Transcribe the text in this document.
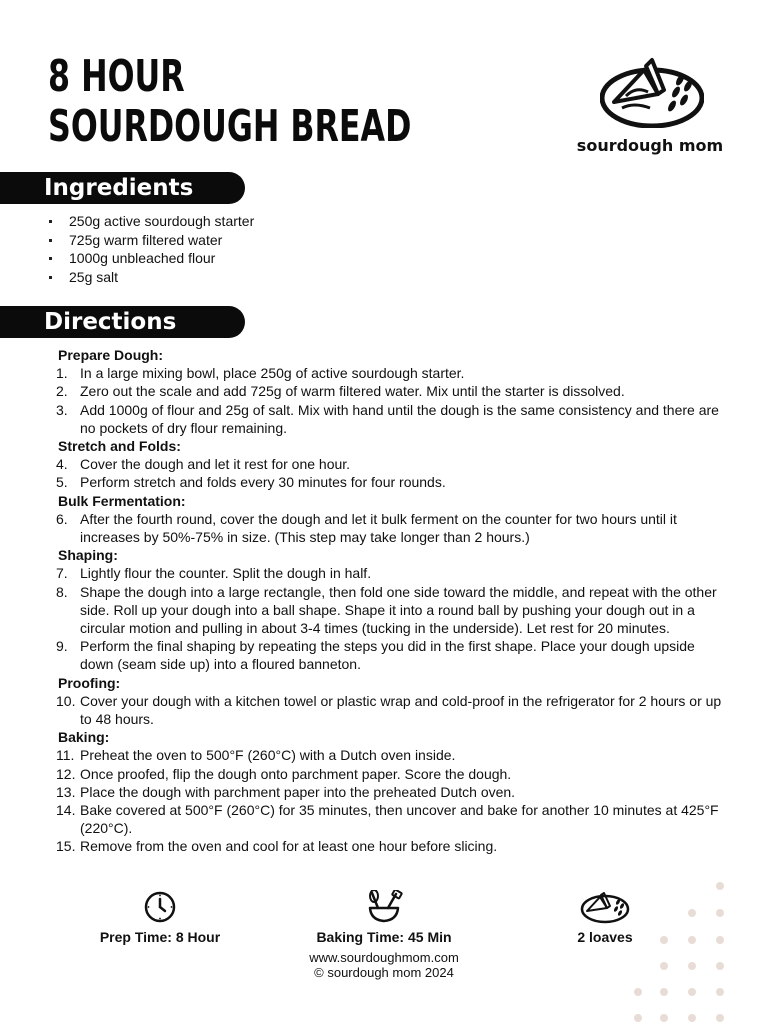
8 HOUR
SOURDOUGH BREAD	sourdough mom
Ingredients
250g active sourdough starter
725g warm filtered water
1000g unbleached flour
25g salt
Directions
Prepare Dough:
1. In a large mixing bowl, place 250g of active sourdough starter.
2. Zero out the scale and add 725g of warm filtered water. Mix until the starter is dissolved.
3. Add 1000g of flour and 25g of salt. Mix with hand until the dough is the same consistency and there are no pockets of dry flour remaining.
Stretch and Folds:
4. Cover the dough and let it rest for one hour.
5. Perform stretch and folds every 30 minutes for four rounds.
Bulk Fermentation:
6. After the fourth round, cover the dough and let it bulk ferment on the counter for two hours until it increases by 50%-75% in size. (This step may take longer than 2 hours.)
Shaping:
7. Lightly flour the counter. Split the dough in half.
8. Shape the dough into a large rectangle, then fold one side toward the middle, and repeat with the other side. Roll up your dough into a ball shape. Shape it into a round ball by pushing your dough out in a circular motion and pulling in about 3-4 times (tucking in the underside). Let rest for 20 minutes.
9. Perform the final shaping by repeating the steps you did in the first shape. Place your dough upside down (seam side up) into a floured banneton.
Proofing:
10. Cover your dough with a kitchen towel or plastic wrap and cold-proof in the refrigerator for 2 hours or up to 48 hours.
Baking:
11. Preheat the oven to 500°F (260°C) with a Dutch oven inside.
12. Once proofed, flip the dough onto parchment paper. Score the dough.
13. Place the dough with parchment paper into the preheated Dutch oven.
14. Bake covered at 500°F (260°C) for 35 minutes, then uncover and bake for another 10 minutes at 425°F (220°C).
15. Remove from the oven and cool for at least one hour before slicing.
Prep Time: 8 Hour	Baking Time: 45 Min	2 loaves
www.sourdoughmom.com
© sourdough mom 2024
